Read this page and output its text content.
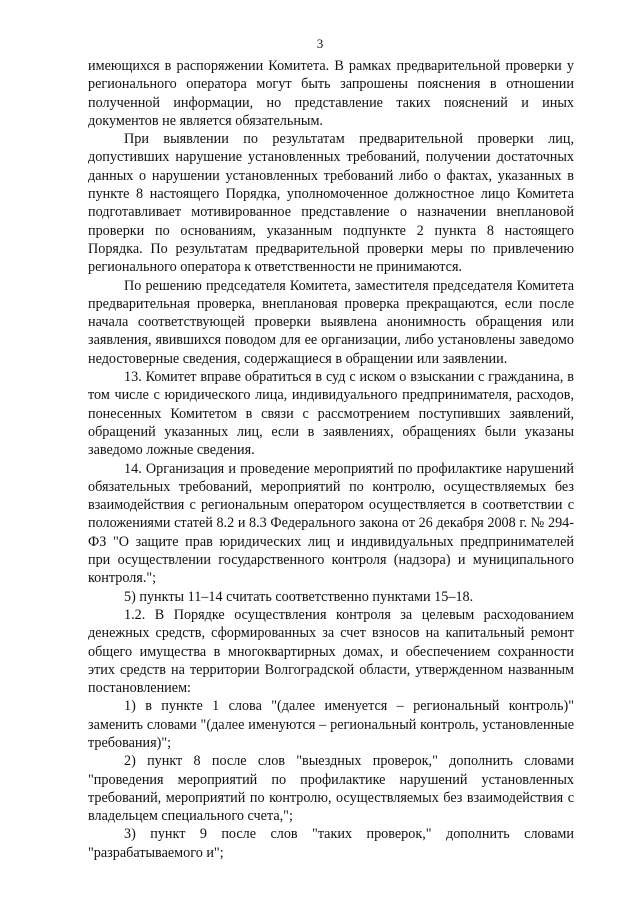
3

имеющихся в распоряжении Комитета. В рамках предварительной проверки у регионального оператора могут быть запрошены пояснения в отношении полученной информации, но представление таких пояснений и иных документов не является обязательным.

При выявлении по результатам предварительной проверки лиц, допустивших нарушение установленных требований, получении достаточных данных о нарушении установленных требований либо о фактах, указанных в пункте 8 настоящего Порядка, уполномоченное должностное лицо Комитета подготавливает мотивированное представление о назначении внеплановой проверки по основаниям, указанным подпункте 2 пункта 8 настоящего Порядка. По результатам предварительной проверки меры по привлечению регионального оператора к ответственности не принимаются.

По решению председателя Комитета, заместителя председателя Комитета предварительная проверка, внеплановая проверка прекращаются, если после начала соответствующей проверки выявлена анонимность обращения или заявления, явившихся поводом для ее организации, либо установлены заведомо недостоверные сведения, содержащиеся в обращении или заявлении.

13. Комитет вправе обратиться в суд с иском о взыскании с гражданина, в том числе с юридического лица, индивидуального предпринимателя, расходов, понесенных Комитетом в связи с рассмотрением поступивших заявлений, обращений указанных лиц, если в заявлениях, обращениях были указаны заведомо ложные сведения.

14. Организация и проведение мероприятий по профилактике нарушений обязательных требований, мероприятий по контролю, осуществляемых без взаимодействия с региональным оператором осуществляется в соответствии с положениями статей 8.2 и 8.3 Федерального закона от 26 декабря 2008 г. № 294-ФЗ "О защите прав юридических лиц и индивидуальных предпринимателей при осуществлении государственного контроля (надзора) и муниципального контроля.";

5) пункты 11–14 считать соответственно пунктами 15–18.

1.2. В Порядке осуществления контроля за целевым расходованием денежных средств, сформированных за счет взносов на капитальный ремонт общего имущества в многоквартирных домах, и обеспечением сохранности этих средств на территории Волгоградской области, утвержденном названным постановлением:

1) в пункте 1 слова "(далее именуется – региональный контроль)" заменить словами "(далее именуются – региональный контроль, установленные требования)";

2) пункт 8 после слов "выездных проверок," дополнить словами "проведения мероприятий по профилактике нарушений установленных требований, мероприятий по контролю, осуществляемых без взаимодействия с владельцем специального счета,";

3) пункт 9 после слов "таких проверок," дополнить словами "разрабатываемого и";
